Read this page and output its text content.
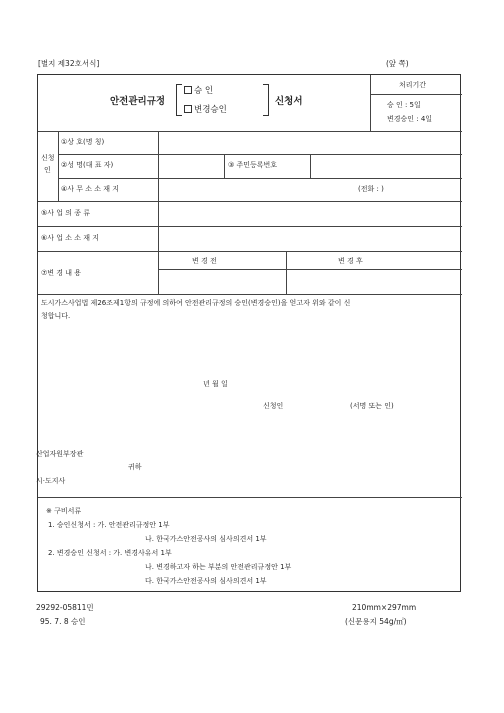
[별지 제32호서식]	(앞 쪽)
안전관리규정
승 인
변경승인
신청서
처리기간
승 인 : 5일
변경승인 : 4일
신청
인
①상 호(명 칭)
②성 명(대 표 자)	③ 주민등록번호
④사 무 소 소 재 지	(전화 : )
⑤사 업 의 종 류
⑥사 업 소 소 재 지
⑦변 경 내 용
변 경 전	변 경 후
도시가스사업법 제26조제1항의 규정에 의하여 안전관리규정의 승인(변경승인)을 얻고자 위와 같이 신
청합니다.
년 월 일
신청인	(서명 또는 인)
산업자원부장관
귀하
시·도지사
※ 구비서류
1. 승인신청서 : 가. 안전관리규정안 1부
나. 한국가스안전공사의 심사의견서 1부
2. 변경승인 신청서 : 가. 변경사유서 1부
나. 변경하고자 하는 부분의 안전관리규정안 1부
다. 한국가스안전공사의 심사의견서 1부
29292-05811민
95. 7. 8 승인
210mm×297mm
(신문용지 54g/㎡)
